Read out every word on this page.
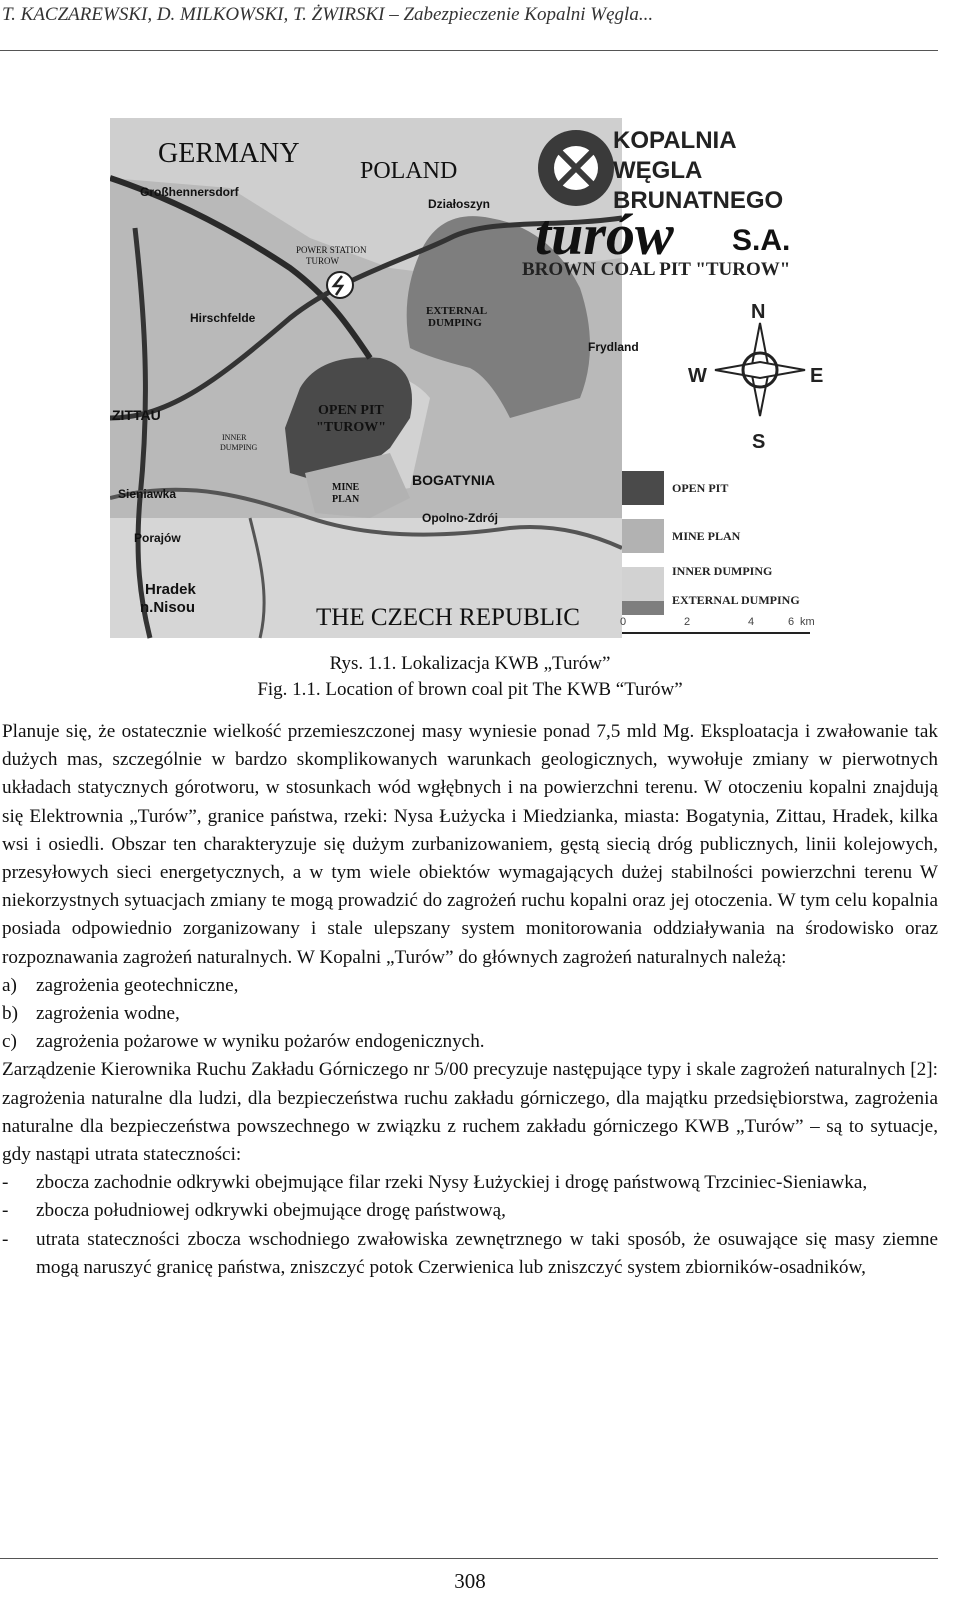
T. KACZAREWSKI, D. MILKOWSKI, T. ŻWIRSKI – Zabezpieczenie Kopalni Węgla...
GERMANY
POLAND
Großhennersdorf
Działoszyn
POWER STATION
TUROW
EXTERNAL
DUMPING
Hirschfelde
Frydland
ZITTAU	OPEN PIT
"TUROW"
INNER
DUMPING
MINE
PLAN
BOGATYNIA
Sieniawka
Opolno-Zdrój
Porajów
Hradek
n.Nisou	THE CZECH REPUBLIC
KOPALNIA
WĘGLA
BRUNATNEGO
turów S.A.
BROWN COAL PIT "TUROW"
N
S
W	E
OPEN PIT
MINE PLAN
INNER DUMPING
EXTERNAL DUMPING
0	2	4	6 km
Rys. 1.1. Lokalizacja KWB „Turów”
Fig. 1.1. Location of brown coal pit The KWB “Turów”

Planuje się, że ostatecznie wielkość przemieszczonej masy wyniesie ponad 7,5 mld Mg. Eksploatacja i zwałowanie tak dużych mas, szczególnie w bardzo skomplikowanych warunkach geologicznych, wywołuje zmiany w pierwotnych układach statycznych górotworu, w stosunkach wód wgłębnych i na powierzchni terenu. W otoczeniu kopalni znajdują się Elektrownia „Turów”, granice państwa, rzeki: Nysa Łużycka i Miedzianka, miasta: Bogatynia, Zittau, Hradek, kilka wsi i osiedli. Obszar ten charakteryzuje się dużym zurbanizowaniem, gęstą siecią dróg publicznych, linii kolejowych, przesyłowych sieci energetycznych, a w tym wiele obiektów wymagających dużej stabilności powierzchni terenu W niekorzystnych sytuacjach zmiany te mogą prowadzić do zagrożeń ruchu kopalni oraz jej otoczenia. W tym celu kopalnia posiada odpowiednio zorganizowany i stale ulepszany system monitorowania oddziaływania na środowisko oraz rozpoznawania zagrożeń naturalnych. W Kopalni „Turów” do głównych zagrożeń naturalnych należą:

a) zagrożenia geotechniczne,
b) zagrożenia wodne,
c) zagrożenia pożarowe w wyniku pożarów endogenicznych.

Zarządzenie Kierownika Ruchu Zakładu Górniczego nr 5/00 precyzuje następujące typy i skale zagrożeń naturalnych [2]: zagrożenia naturalne dla ludzi, dla bezpieczeństwa ruchu zakładu górniczego, dla majątku przedsiębiorstwa, zagrożenia naturalne dla bezpieczeństwa powszechnego w związku z ruchem zakładu górniczego KWB „Turów” – są to sytuacje, gdy nastąpi utrata stateczności:

-	zbocza zachodnie odkrywki obejmujące filar rzeki Nysy Łużyckiej i drogę państwową Trzciniec-Sieniawka,
-	zbocza południowej odkrywki obejmujące drogę państwową,
-	utrata stateczności zbocza wschodniego zwałowiska zewnętrznego w taki sposób, że osuwające się masy ziemne mogą naruszyć granicę państwa, zniszczyć potok Czerwienica lub zniszczyć system zbiorników-osadników,
308
